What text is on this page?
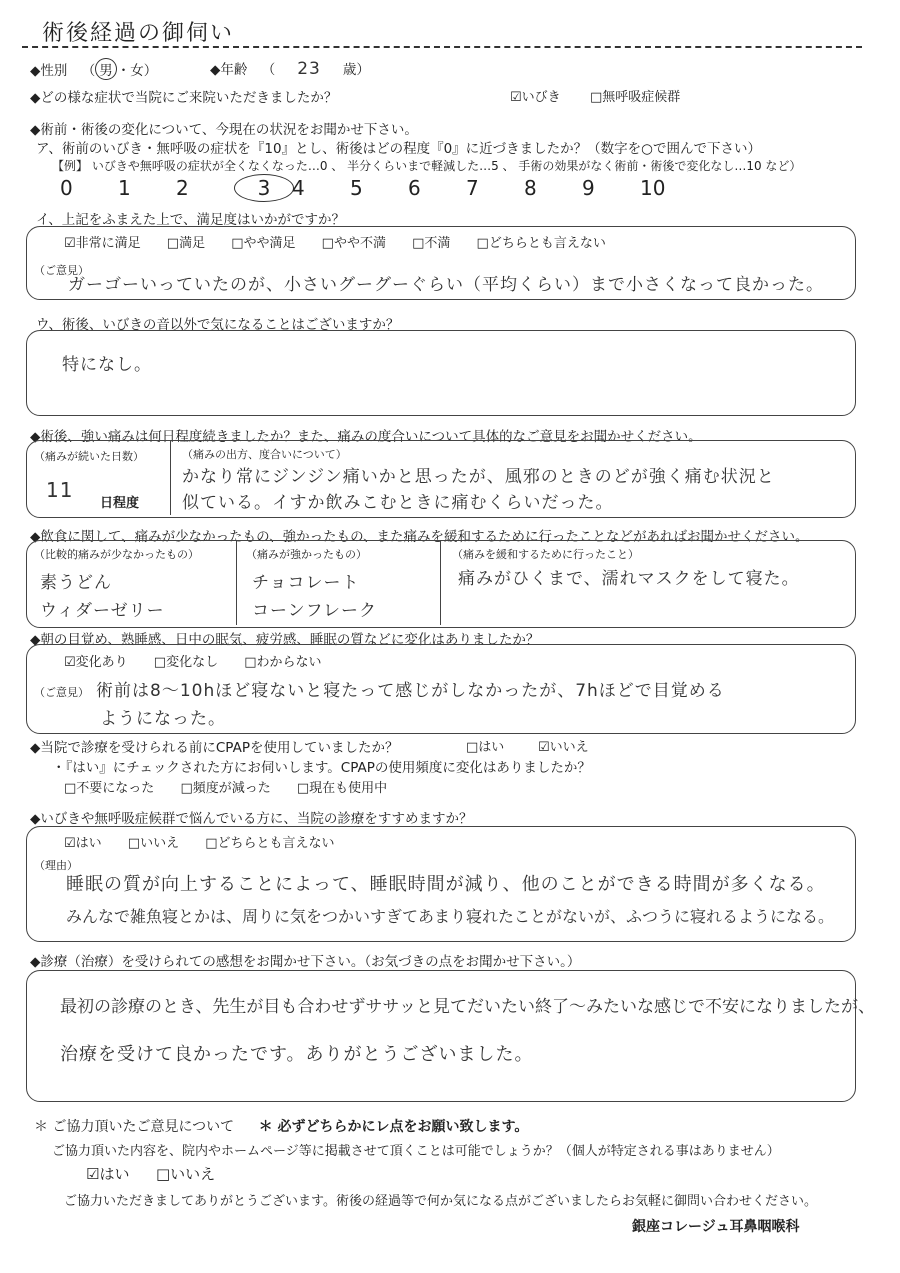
術後経過の御伺い
◆性別 （ 男 ・女）	◆年齢 （ 23 歳）
◆どの様な症状で当院にご来院いただきましたか？	☑いびき □無呼吸症候群
◆術前・術後の変化について、今現在の状況をお聞かせ下さい。
ア、術前のいびき・無呼吸の症状を『10』とし、術後はどの程度『0』に近づきましたか？（数字を○で囲んで下さい）
【例】 いびきや無呼吸の症状が全くなくなった…0 、 半分くらいまで軽減した…5 、 手術の効果がなく術前・術後で変化なし…10 など）
0 1 2	3 4 5 6 7 8 9 10
イ、上記をふまえた上で、満足度はいかがですか？
☑非常に満足 □満足 □やや満足 □やや不満 □不満 □どちらとも言えない
（ご意見）
ガーゴーいっていたのが、小さいグーグーぐらい（平均くらい）まで小さくなって良かった。
ウ、術後、いびきの音以外で気になることはございますか？
特になし。
◆術後、強い痛みは何日程度続きましたか？また、痛みの度合いについて具体的なご意見をお聞かせください。
（痛みが続いた日数）
11
日程度
（痛みの出方、度合いについて）
かなり常にジンジン痛いかと思ったが、風邪のときのどが強く痛む状況と
似ている。イすか飲みこむときに痛むくらいだった。
◆飲食に関して、痛みが少なかったもの、強かったもの、また痛みを緩和するために行ったことなどがあればお聞かせください。
（比較的痛みが少なかったもの）
素うどん
ウィダーゼリー
（痛みが強かったもの）
チョコレート
コーンフレーク
（痛みを緩和するために行ったこと）
痛みがひくまで、濡れマスクをして寝た。
◆朝の目覚め、熟睡感、日中の眠気、疲労感、睡眠の質などに変化はありましたか？
☑変化あり □変化なし □わからない
（ご意見） 術前は8～10hほど寝ないと寝たって感じがしなかったが、7hほどで目覚める
ようになった。
◆当院で診療を受けられる前にCPAPを使用していましたか？	□はい	☑いいえ
・『はい』にチェックされた方にお伺いします。CPAPの使用頻度に変化はありましたか？
□不要になった □頻度が減った □現在も使用中
◆いびきや無呼吸症候群で悩んでいる方に、当院の診療をすすめますか？
☑はい □いいえ □どちらとも言えない
（理由）
睡眠の質が向上することによって、睡眠時間が減り、他のことができる時間が多くなる。
みんなで雑魚寝とかは、周りに気をつかいすぎてあまり寝れたことがないが、ふつうに寝れるようになる。
◆診療（治療）を受けられての感想をお聞かせ下さい。（お気づきの点をお聞かせ下さい。）
最初の診療のとき、先生が目も合わせずササッと見てだいたい終了～みたいな感じで不安になりましたが、
治療を受けて良かったです。ありがとうございました。
＊ ご協力頂いたご意見について ＊ 必ずどちらかにレ点をお願い致します。
ご協力頂いた内容を、院内やホームページ等に掲載させて頂くことは可能でしょうか？（個人が特定される事はありません）
☑はい □いいえ
ご協力いただきましてありがとうございます。術後の経過等で何か気になる点がございましたらお気軽に御問い合わせください。
銀座コレージュ耳鼻咽喉科
